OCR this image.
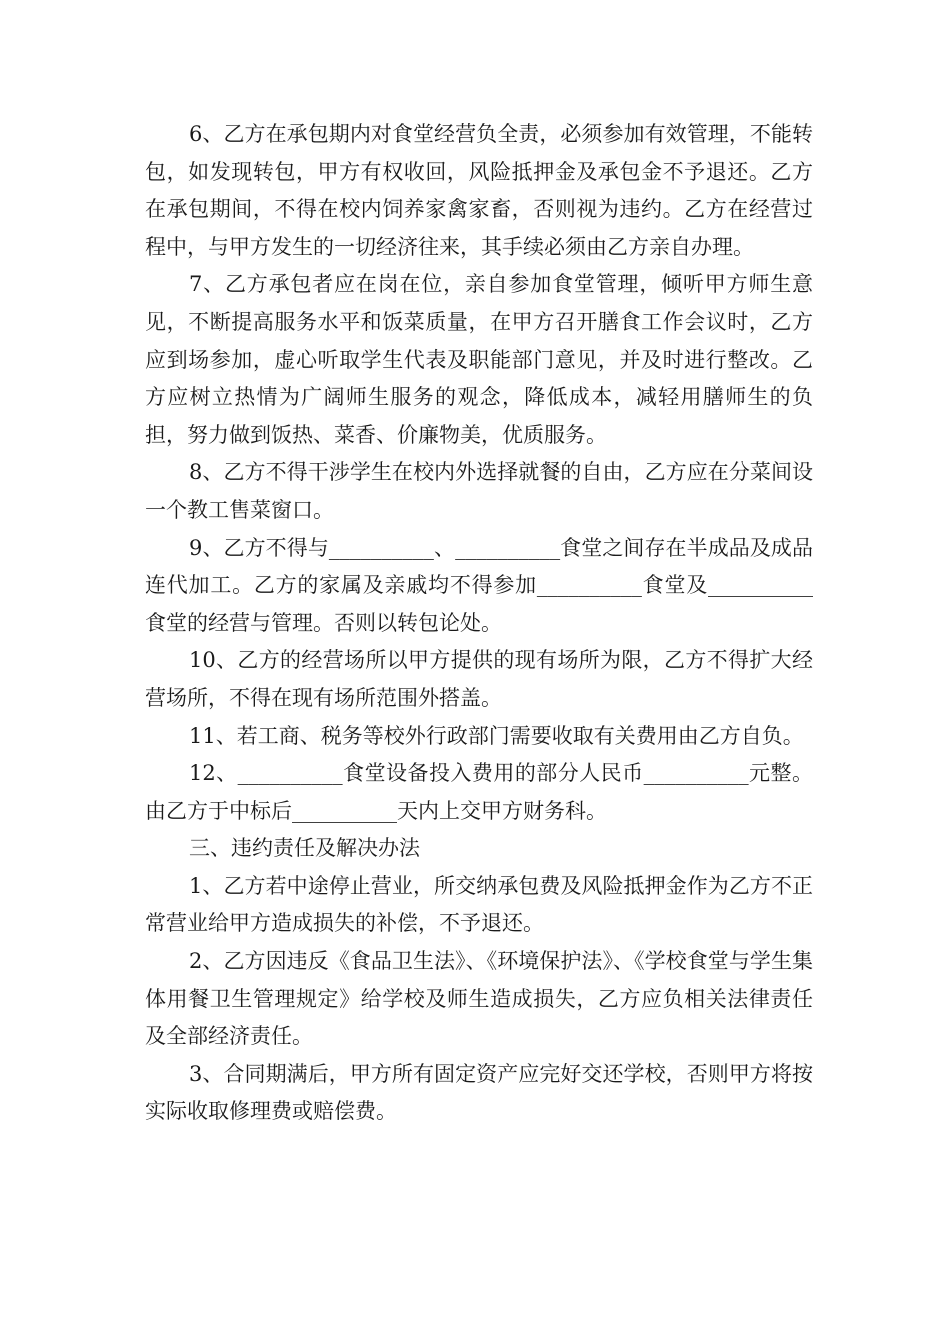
6、乙方在承包期内对食堂经营负全责，必须参加有效管理，不能转包，如发现转包，甲方有权收回，风险抵押金及承包金不予退还。乙方在承包期间，不得在校内饲养家禽家畜，否则视为违约。乙方在经营过程中，与甲方发生的一切经济往来，其手续必须由乙方亲自办理。

7、乙方承包者应在岗在位，亲自参加食堂管理，倾听甲方师生意见，不断提高服务水平和饭菜质量，在甲方召开膳食工作会议时，乙方应到场参加，虚心听取学生代表及职能部门意见，并及时进行整改。乙方应树立热情为广阔师生服务的观念，降低成本，减轻用膳师生的负担，努力做到饭热、菜香、价廉物美，优质服务。

8、乙方不得干涉学生在校内外选择就餐的自由，乙方应在分菜间设一个教工售菜窗口。

9、乙方不得与__________、__________食堂之间存在半成品及成品连代加工。乙方的家属及亲戚均不得参加__________食堂及__________食堂的经营与管理。否则以转包论处。

10、乙方的经营场所以甲方提供的现有场所为限，乙方不得扩大经营场所，不得在现有场所范围外搭盖。

11、若工商、税务等校外行政部门需要收取有关费用由乙方自负。

12、__________食堂设备投入费用的部分人民币__________元整。由乙方于中标后__________天内上交甲方财务科。

三、违约责任及解决办法

1、乙方若中途停止营业，所交纳承包费及风险抵押金作为乙方不正常营业给甲方造成损失的补偿，不予退还。

2、乙方因违反《食品卫生法》、《环境保护法》、《学校食堂与学生集体用餐卫生管理规定》给学校及师生造成损失，乙方应负相关法律责任及全部经济责任。

3、合同期满后，甲方所有固定资产应完好交还学校，否则甲方将按实际收取修理费或赔偿费。
